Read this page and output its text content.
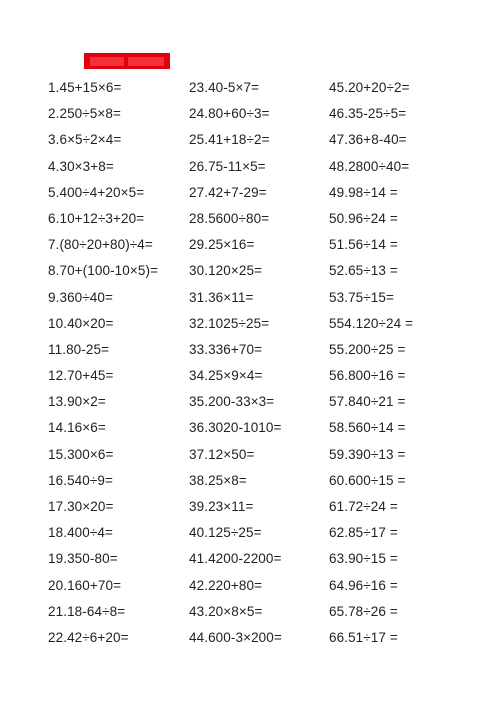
1.45+15×6=
2.250÷5×8=
3.6×5÷2×4=
4.30×3+8=
5.400÷4+20×5=
6.10+12÷3+20=
7.(80÷20+80)÷4=
8.70+(100-10×5)=
9.360÷40=
10.40×20=
11.80-25=
12.70+45=
13.90×2=
14.16×6=
15.300×6=
16.540÷9=
17.30×20=
18.400÷4=
19.350-80=
20.160+70=
21.18-64÷8=
22.42÷6+20=
23.40-5×7=
24.80+60÷3=
25.41+18÷2=
26.75-11×5=
27.42+7-29=
28.5600÷80=
29.25×16=
30.120×25=
31.36×11=
32.1025÷25=
33.336+70=
34.25×9×4=
35.200-33×3=
36.3020-1010=
37.12×50=
38.25×8=
39.23×11=
40.125÷25=
41.4200-2200=
42.220+80=
43.20×8×5=
44.600-3×200=
45.20+20÷2=
46.35-25÷5=
47.36+8-40=
48.2800÷40=
49.98÷14 =
50.96÷24 =
51.56÷14 =
52.65÷13 =
53.75÷15=
554.120÷24 =
55.200÷25 =
56.800÷16 =
57.840÷21 =
58.560÷14 =
59.390÷13 =
60.600÷15 =
61.72÷24 =
62.85÷17 =
63.90÷15 =
64.96÷16 =
65.78÷26 =
66.51÷17 =
